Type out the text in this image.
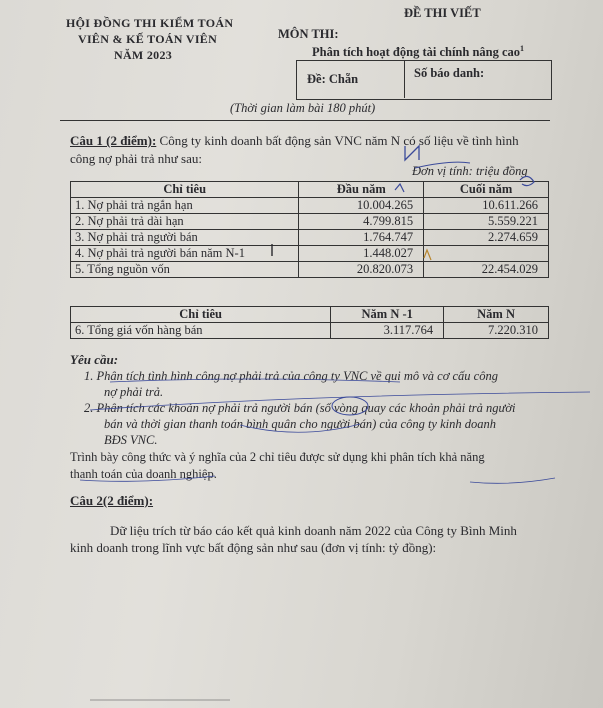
HỘI ĐỒNG THI KIỂM TOÁN
VIÊN & KẾ TOÁN VIÊN
NĂM 2023
ĐỀ THI VIẾT
MÔN THI:
Phân tích hoạt động tài chính nâng cao$^1$
Đề: Chẵn	Số báo danh:
(Thời gian làm bài 180 phút)
Câu 1 (2 điểm): Công ty kinh doanh bất động sản VNC năm N có số liệu về tình hình
công nợ phải trả như sau:
Đơn vị tính: triệu đồng
Chỉ tiêu	Đầu năm	Cuối năm
1. Nợ phải trả ngắn hạn	10.004.265	10.611.266
2. Nợ phải trả dài hạn	4.799.815	5.559.221
3. Nợ phải trả người bán	1.764.747	2.274.659
4. Nợ phải trả người bán năm N-1	1.448.027	
5. Tổng nguồn vốn	20.820.073	22.454.029
Chỉ tiêu	Năm N -1	Năm N
6. Tổng giá vốn hàng bán	3.117.764	7.220.310
Yêu cầu:
1. Phân tích tình hình công nợ phải trả của công ty VNC về qui mô và cơ cấu công
nợ phải trả.
2. Phân tích các khoản nợ phải trả người bán (số vòng quay các khoản phải trả người
bán và thời gian thanh toán bình quân cho người bán) của công ty kinh doanh
BĐS VNC.
Trình bày công thức và ý nghĩa của 2 chỉ tiêu được sử dụng khi phân tích khả năng
thanh toán của doanh nghiệp.
Câu 2(2 điểm):
Dữ liệu trích từ báo cáo kết quả kinh doanh năm 2022 của Công ty Bình Minh
kinh doanh trong lĩnh vực bất động sản như sau (đơn vị tính: tỷ đồng):
